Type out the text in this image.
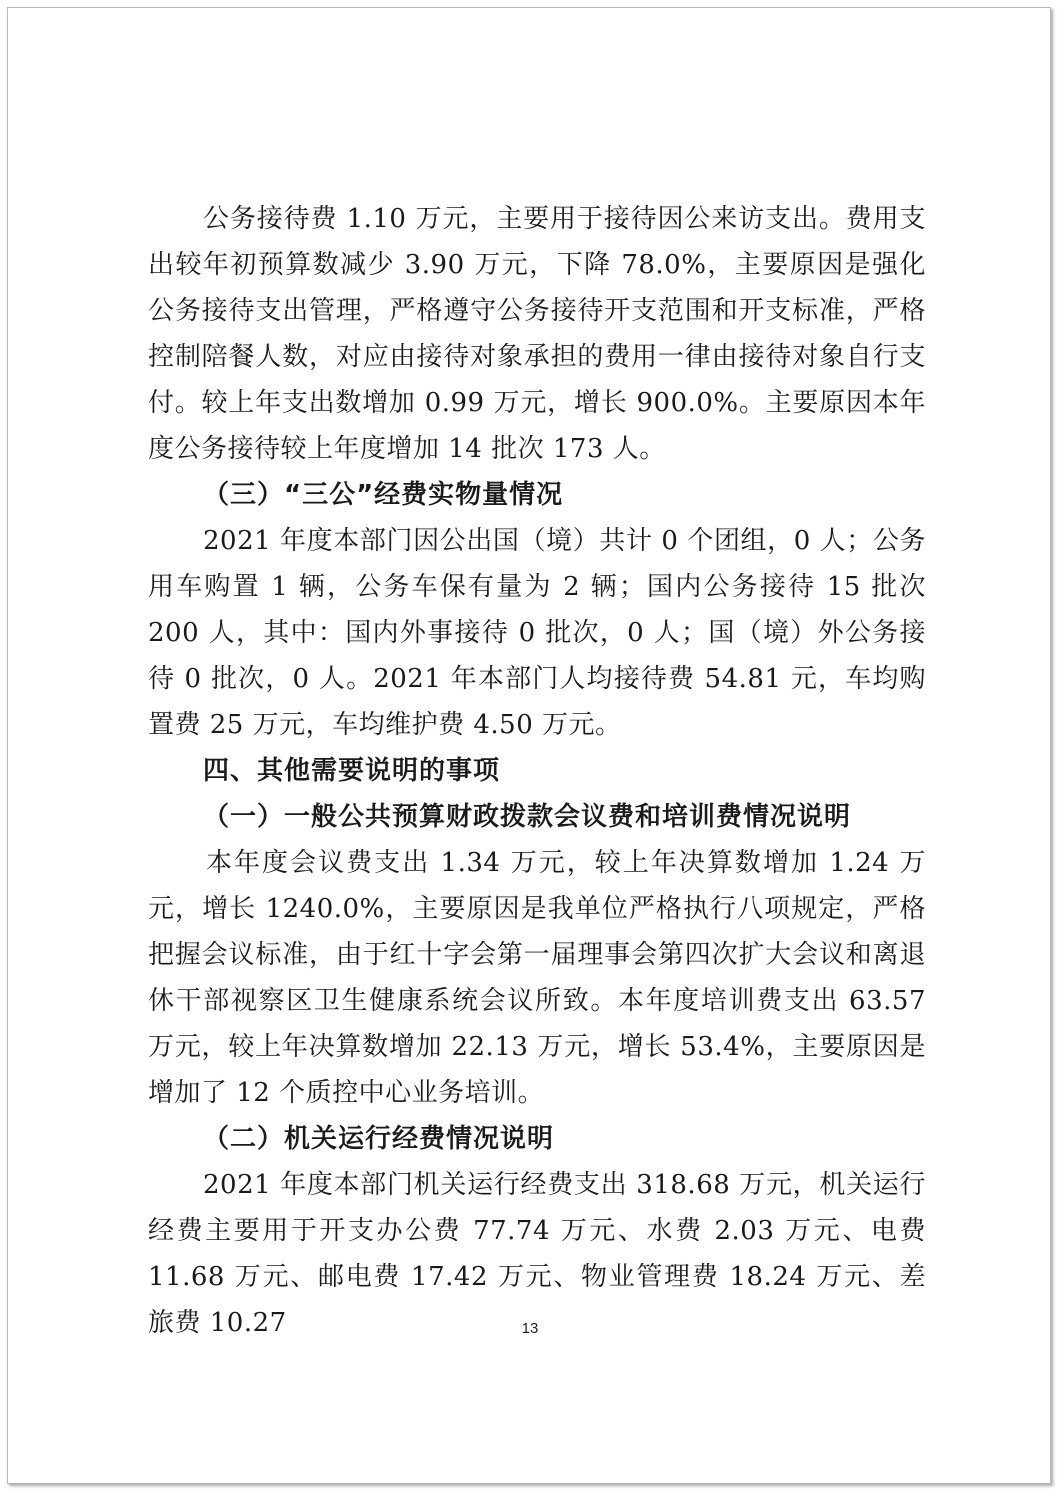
公务接待费 1.10 万元，主要用于接待因公来访支出。费用支出较年初预算数减少 3.90 万元，下降 78.0%，主要原因是强化公务接待支出管理，严格遵守公务接待开支范围和开支标准，严格控制陪餐人数，对应由接待对象承担的费用一律由接待对象自行支付。较上年支出数增加 0.99 万元，增长 900.0%。主要原因本年度公务接待较上年度增加 14 批次 173 人。

（三）“三公”经费实物量情况

2021 年度本部门因公出国（境）共计 0 个团组，0 人；公务用车购置 1 辆，公务车保有量为 2 辆；国内公务接待 15 批次 200 人，其中：国内外事接待 0 批次，0 人；国（境）外公务接待 0 批次，0 人。2021 年本部门人均接待费 54.81 元，车均购置费 25 万元，车均维护费 4.50 万元。

四、其他需要说明的事项

（一）一般公共预算财政拨款会议费和培训费情况说明

本年度会议费支出 1.34 万元，较上年决算数增加 1.24 万元，增长 1240.0%，主要原因是我单位严格执行八项规定，严格把握会议标准，由于红十字会第一届理事会第四次扩大会议和离退休干部视察区卫生健康系统会议所致。本年度培训费支出 63.57 万元，较上年决算数增加 22.13 万元，增长 53.4%，主要原因是增加了 12 个质控中心业务培训。

（二）机关运行经费情况说明

2021 年度本部门机关运行经费支出 318.68 万元，机关运行经费主要用于开支办公费 77.74 万元、水费 2.03 万元、电费 11.68 万元、邮电费 17.42 万元、物业管理费 18.24 万元、差旅费 10.27	13
